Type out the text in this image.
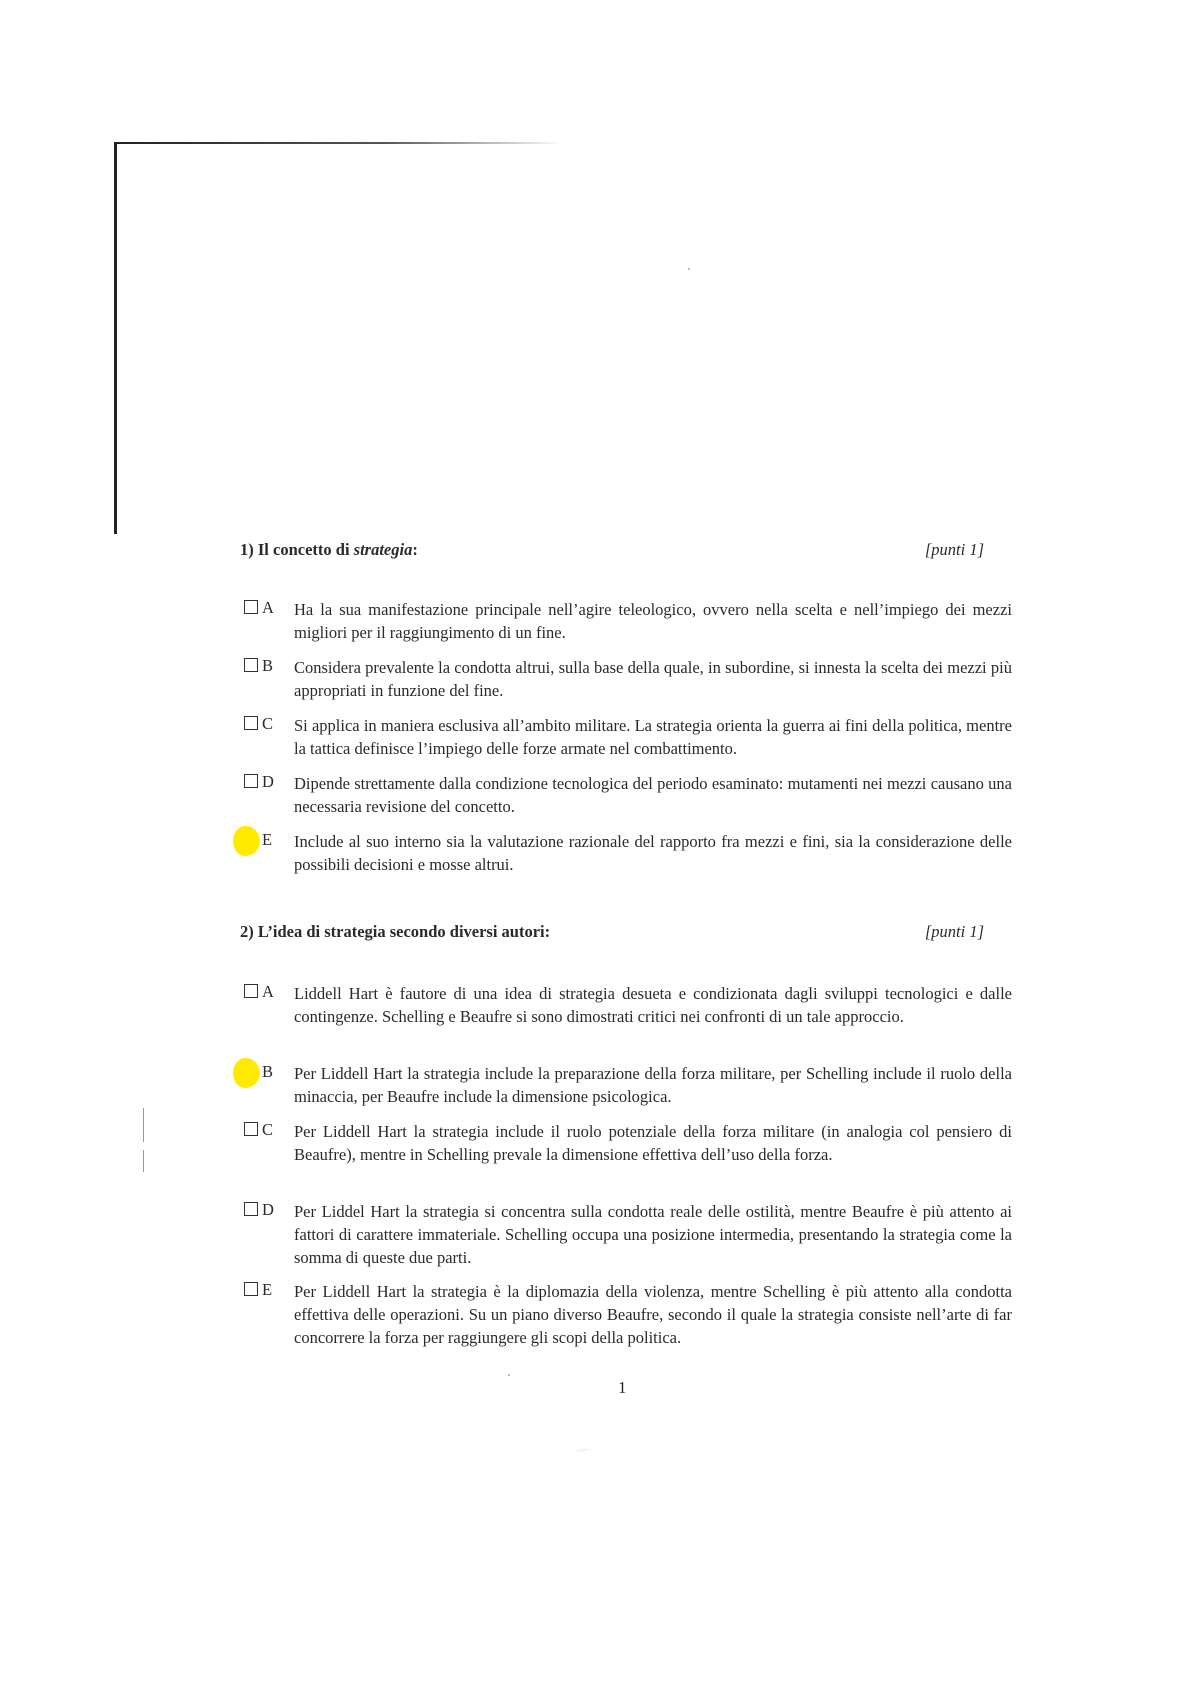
~~
1) Il concetto di strategia:	[punti 1]
A Ha la sua manifestazione principale nell’agire teleologico, ovvero nella scelta e nell’impiego dei mezzi migliori per il raggiungimento di un fine.
B	Considera prevalente la condotta altrui, sulla base della quale, in subordine, si innesta la scelta dei mezzi più appropriati in funzione del fine.
C	Si applica in maniera esclusiva all’ambito militare. La strategia orienta la guerra ai fini della politica, mentre la tattica definisce l’impiego delle forze armate nel combattimento.
D Dipende strettamente dalla condizione tecnologica del periodo esaminato: mutamenti nei mezzi causano una necessaria revisione del concetto.
E	Include al suo interno sia la valutazione razionale del rapporto fra mezzi e fini, sia la considerazione delle possibili decisioni e mosse altrui.
2) L’idea di strategia secondo diversi autori:	[punti 1]
A Liddell Hart è fautore di una idea di strategia desueta e condizionata dagli sviluppi tecnologici e dalle contingenze. Schelling e Beaufre si sono dimostrati critici nei confronti di un tale approccio.
B	Per Liddell Hart la strategia include la preparazione della forza militare, per Schelling include il ruolo della minaccia, per Beaufre include la dimensione psicologica.
C	Per Liddell Hart la strategia include il ruolo potenziale della forza militare (in analogia col pensiero di Beaufre), mentre in Schelling prevale la dimensione effettiva dell’uso della forza.
D Per Liddel Hart la strategia si concentra sulla condotta reale delle ostilità, mentre Beaufre è più attento ai fattori di carattere immateriale. Schelling occupa una posizione intermedia, presentando la strategia come la somma di queste due parti.
E	Per Liddell Hart la strategia è la diplomazia della violenza, mentre Schelling è più attento alla condotta effettiva delle operazioni. Su un piano diverso Beaufre, secondo il quale la strategia consiste nell’arte di far concorrere la forza per raggiungere gli scopi della politica.
1
